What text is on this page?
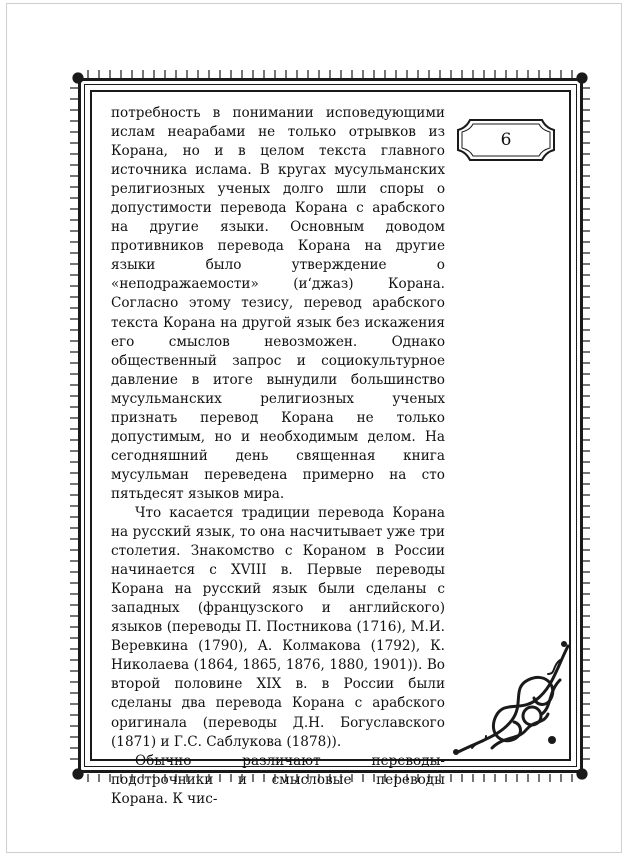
6

потребность в понимании исповедующими ислам неарабами не только отрывков из Корана, но и в целом текста главного источника ислама. В кругах мусульманских религиозных ученых долго шли споры о допустимости перевода Корана с арабского на другие языки. Основным доводом противников перевода Корана на другие языки было утверждение о «неподражаемости» (иʻджаз) Корана. Согласно этому тезису, перевод арабского текста Корана на другой язык без искажения его смыслов невозможен. Однако общественный запрос и социокультурное давление в итоге вынудили большинство мусульманских религиозных ученых признать перевод Корана не только допустимым, но и необходимым делом. На сегодняшний день священная книга мусульман переведена примерно на сто пятьдесят языков мира.

Что касается традиции перевода Корана на русский язык, то она насчитывает уже три столетия. Знакомство с Кораном в России начинается с XVIII в. Первые переводы Корана на русский язык были сделаны с западных (французского и английского) языков (переводы П. Постникова (1716), М.И. Веревкина (1790), А. Колмакова (1792), К. Николаева (1864, 1865, 1876, 1880, 1901)). Во второй половине XIX в. в России были сделаны два перевода Корана с арабского оригинала (переводы Д.Н. Богуславского (1871) и Г.С. Саблукова (1878)).

Обычно различают переводы-подстрочники и смысловые переводы Корана. К чис-
